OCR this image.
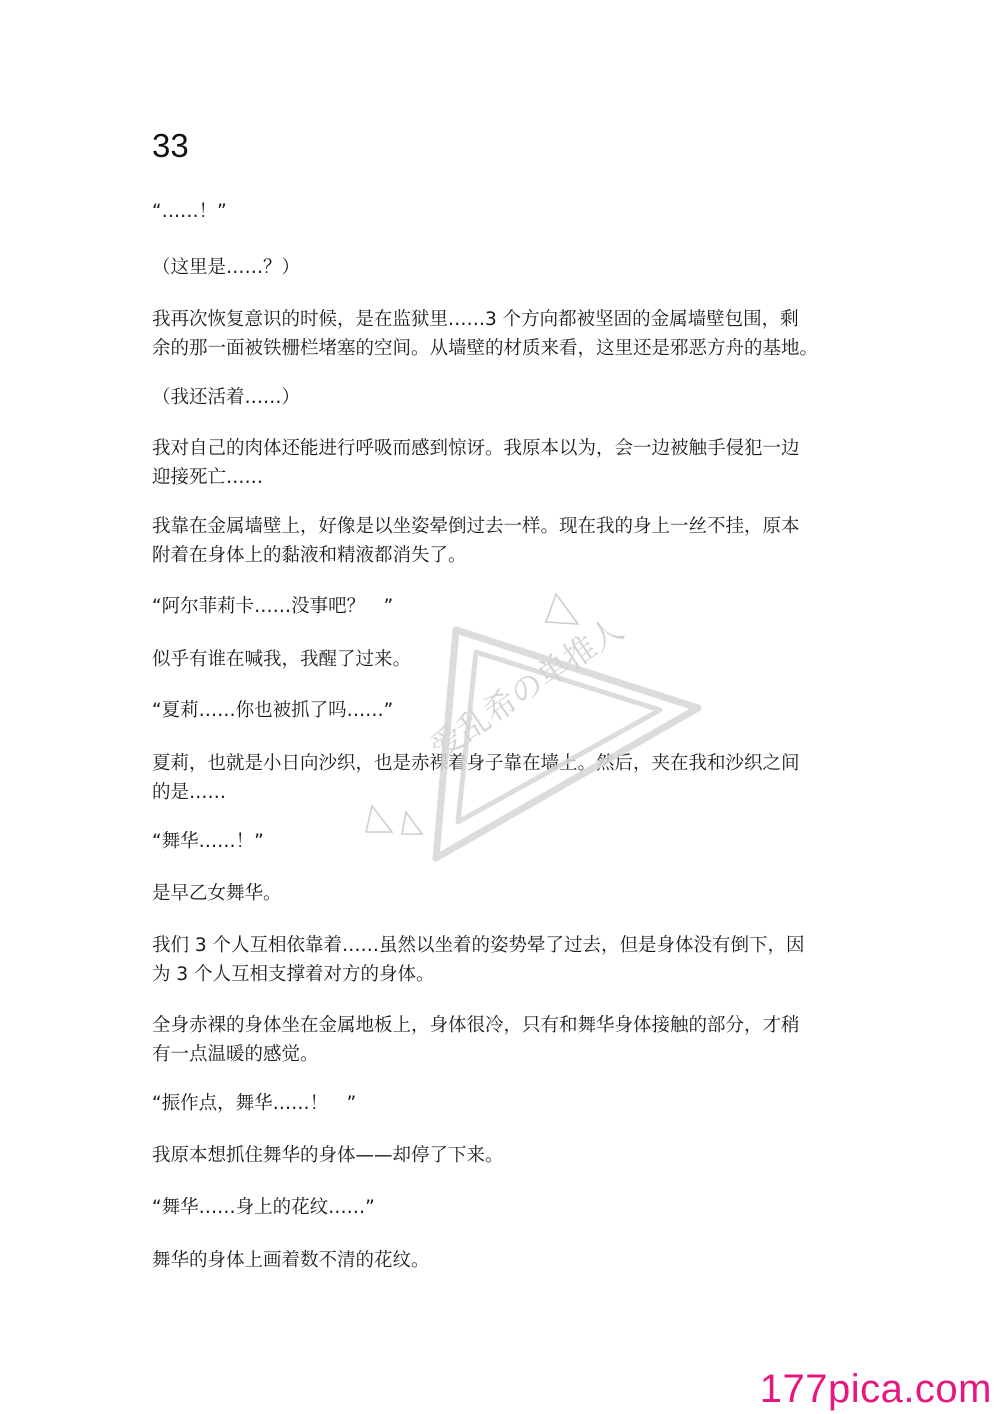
33

“……！”

（这里是……？）

我再次恢复意识的时候，是在监狱里……3 个方向都被坚固的金属墙壁包围，剩
余的那一面被铁栅栏堵塞的空间。从墙壁的材质来看，这里还是邪恶方舟的基地。

（我还活着……）

我对自己的肉体还能进行呼吸而感到惊讶。我原本以为，会一边被触手侵犯一边
迎接死亡……

我靠在金属墙壁上，好像是以坐姿晕倒过去一样。现在我的身上一丝不挂，原本
附着在身体上的黏液和精液都消失了。

“阿尔菲莉卡……没事吧？　”

似乎有谁在喊我，我醒了过来。

“夏莉……你也被抓了吗……”

夏莉，也就是小日向沙织，也是赤裸着身子靠在墙上。然后，夹在我和沙织之间
的是……

“舞华……！”

是早乙女舞华。

我们 3 个人互相依靠着……虽然以坐着的姿势晕了过去，但是身体没有倒下，因
为 3 个人互相支撑着对方的身体。

全身赤裸的身体坐在金属地板上，身体很冷，只有和舞华身体接触的部分，才稍
有一点温暖的感觉。

“振作点，舞华……！　”

我原本想抓住舞华的身体——却停了下来。

“舞华……身上的花纹……”

舞华的身体上画着数不清的花纹。

爱乱希の单推人
177pica.com
